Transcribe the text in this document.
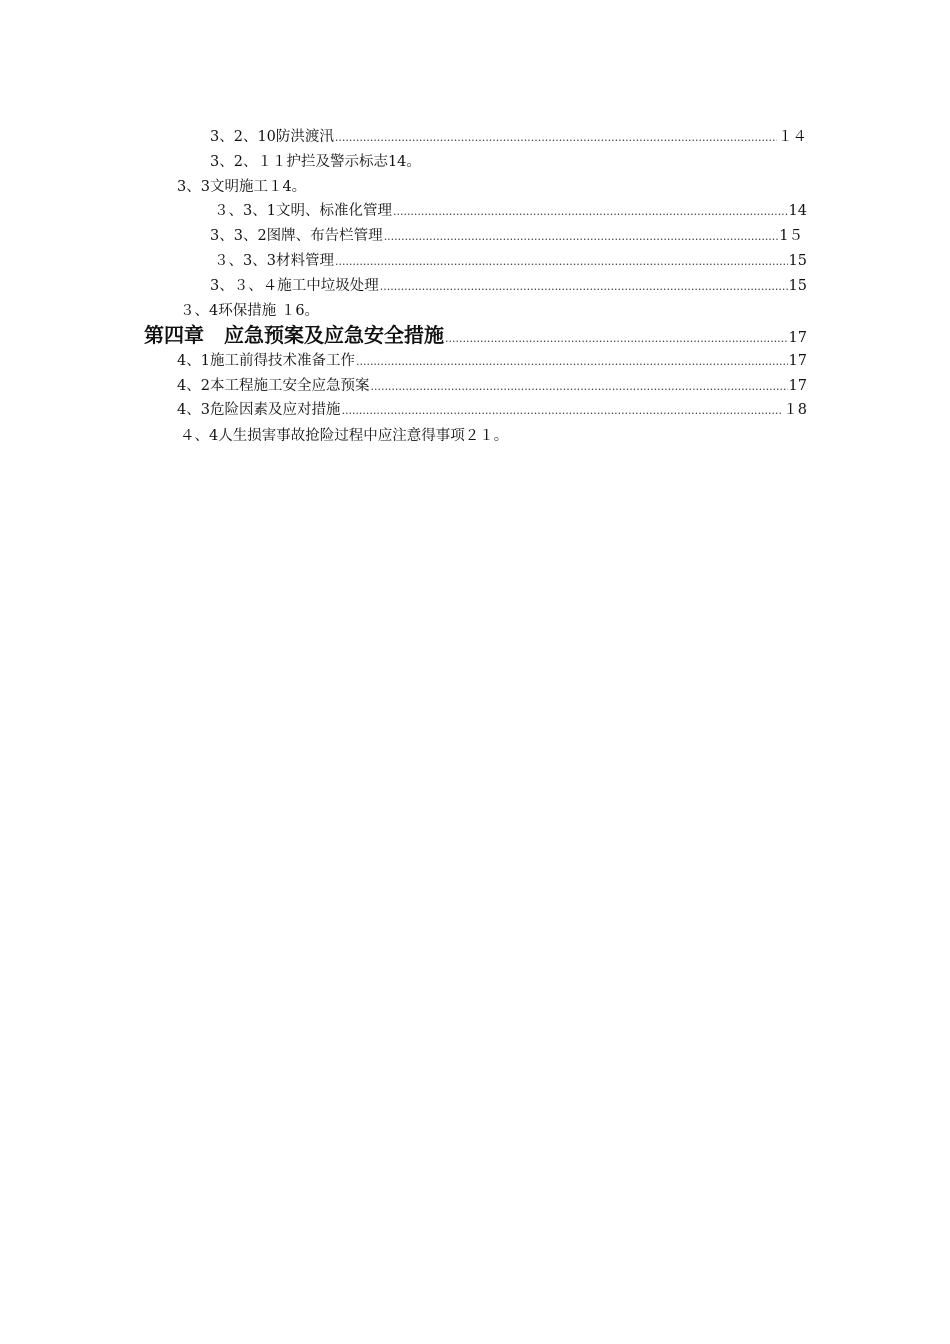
3、2、10防洪渡汛 .....	１４
3、2、１１护拦及警示标志14。
3、3文明施工１4。
３、3、1文明、标准化管理 .....	14
3、3、2图牌、布告栏管理 .....	1５
３、3、3材料管理 .....	15
3、３、４施工中垃圾处理 .....	15
３、4环保措施 １6。
第四章　应急预案及应急安全措施 .....	17
4、1施工前得技术准备工作 .....	17
4、2本工程施工安全应急预案 .....	17
4、3危险因素及应对措施 .....	１8
４、4人生损害事故抢险过程中应注意得事项２１。
